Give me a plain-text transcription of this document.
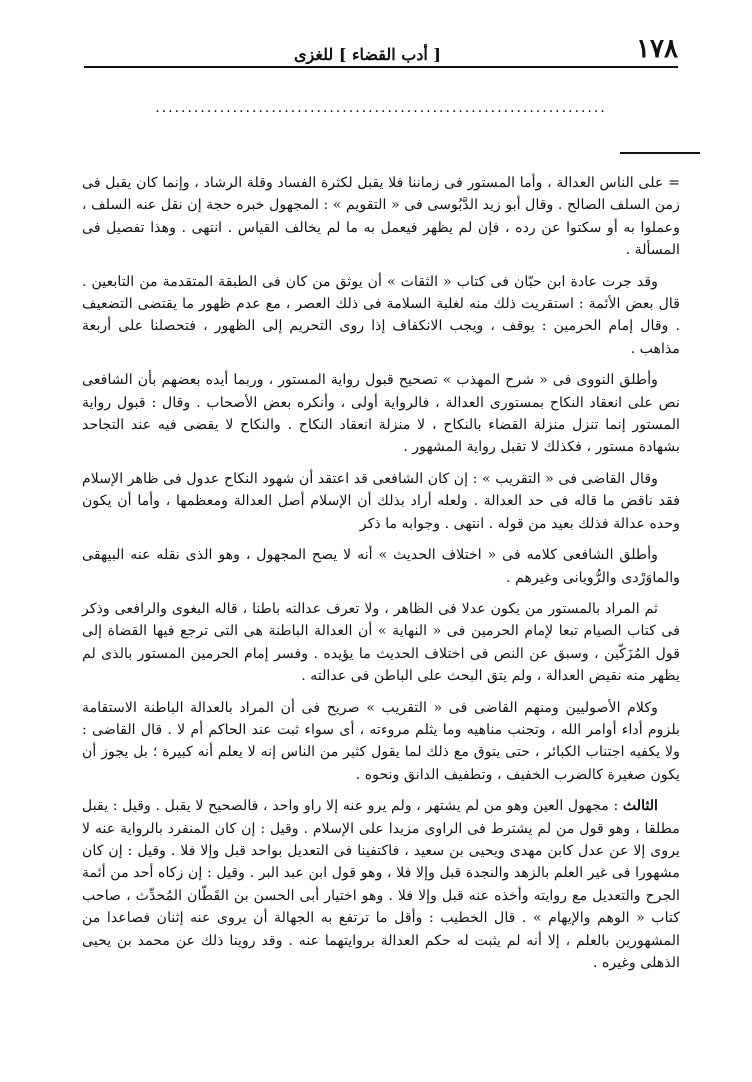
١٧٨
[ أدب القضاء ] للغزى
......................................................................

= على الناس العدالة ، وأما المستور فى زماننا فلا يقبل لكثرة الفساد وقلة الرشاد ، وإنما كان يقبل فى زمن السلف الصالح . وقال أبو زيد الدَّبُوسى فى « التقويم » : المجهول خبره حجة إن نقل عنه السلف ، وعملوا به أو سكتوا عن رده ، فإن لم يظهر فيعمل به ما لم يخالف القياس . انتهى . وهذا تفصيل فى المسألة .

وقد جرت عادة ابن حبّان فى كتاب « الثقات » أن يوثق من كان فى الطبقة المتقدمة من التابعين . قال بعض الأئمة : استقريت ذلك منه لغلبة السلامة فى ذلك العصر ، مع عدم ظهور ما يقتضى التضعيف . وقال إمام الحرمين : يوقف ، ويجب الانكفاف إذا روى التحريم إلى الظهور ، فتحصلنا على أربعة مذاهب .

وأطلق النووى فى « شرح المهذب » تصحيح قبول رواية المستور ، وربما أيده بعضهم بأن الشافعى نص على انعقاد النكاح بمستورى العدالة ، فالرواية أولى ، وأنكره بعض الأصحاب . وقال : قبول رواية المستور إنما تنزل منزلة القضاء بالنكاح ، لا منزلة انعقاد النكاح . والنكاح لا يقضى فيه عند التجاحد بشهادة مستور ، فكذلك لا تقبل رواية المشهور .

وقال القاضى فى « التقريب » : إن كان الشافعى قد اعتقد أن شهود النكاح عدول فى ظاهر الإسلام فقد ناقض ما قاله فى حد العدالة . ولعله أراد بذلك أن الإسلام أصل العدالة ومعظمها ، وأما أن يكون وحده عدالة فذلك بعيد من قوله . انتهى . وجوابه ما ذكر

وأطلق الشافعى كلامه فى « اختلاف الحديث » أنه لا يصح المجهول ، وهو الذى نقله عنه البيهقى والماوَرْدى والرُّويانى وغيرهم .

ثم المراد بالمستور من يكون عدلا فى الظاهر ، ولا تعرف عدالته باطنا ، قاله البغوى والرافعى وذكر فى كتاب الصيام تبعا لإمام الحرمين فى « النهاية » أن العدالة الباطنة هى التى ترجع فيها القضاة إلى قول المُزَكّين ، وسبق عن النص فى اختلاف الحديث ما يؤيده . وفسر إمام الحرمين المستور بالذى لم يظهر منه نقيض العدالة ، ولم يتق البحث على الباطن فى عدالته .

وكلام الأصوليين ومنهم القاضى فى « التقريب » صريح فى أن المراد بالعدالة الباطنة الاستقامة بلزوم أداء أوامر الله ، وتجنب مناهيه وما يثلم مروءته ، أى سواء ثبت عند الحاكم أم لا . قال القاضى : ولا يكفيه اجتناب الكبائر ، حتى يتوق مع ذلك لما يقول كثير من الناس إنه لا يعلم أنه كبيرة ؛ بل يجوز أن يكون صغيرة كالضرب الخفيف ، وتطفيف الدانق ونحوه .

الثالث : مجهول العين وهو من لم يشتهر ، ولم يرو عنه إلا راو واحد ، فالصحيح لا يقبل . وقيل : يقبل مطلقا ، وهو قول من لم يشترط فى الراوى مزيدا على الإسلام . وقيل : إن كان المنفرد بالرواية عنه لا يروى إلا عن عدل كابن مهدى ويحيى بن سعيد ، فاكتفينا فى التعديل بواحد قبل وإلا فلا . وقيل : إن كان مشهورا فى غير العلم بالزهد والنجدة قبل وإلا فلا ، وهو قول ابن عبد البر . وقيل : إن زكاه أحد من أئمة الجرح والتعديل مع روايته وأخذه عنه قبل وإلا فلا . وهو اختيار أبى الحسن بن القَطّان المُحدِّث ، صاحب كتاب « الوهم والإيهام » . قال الخطيب : وأقل ما ترتفع به الجهالة أن يروى عنه إثنان فصاعدا من المشهورين بالعلم ، إلا أنه لم يثبت له حكم العدالة بروايتهما عنه . وقد روينا ذلك عن محمد بن يحيى الذهلى وغيره .
